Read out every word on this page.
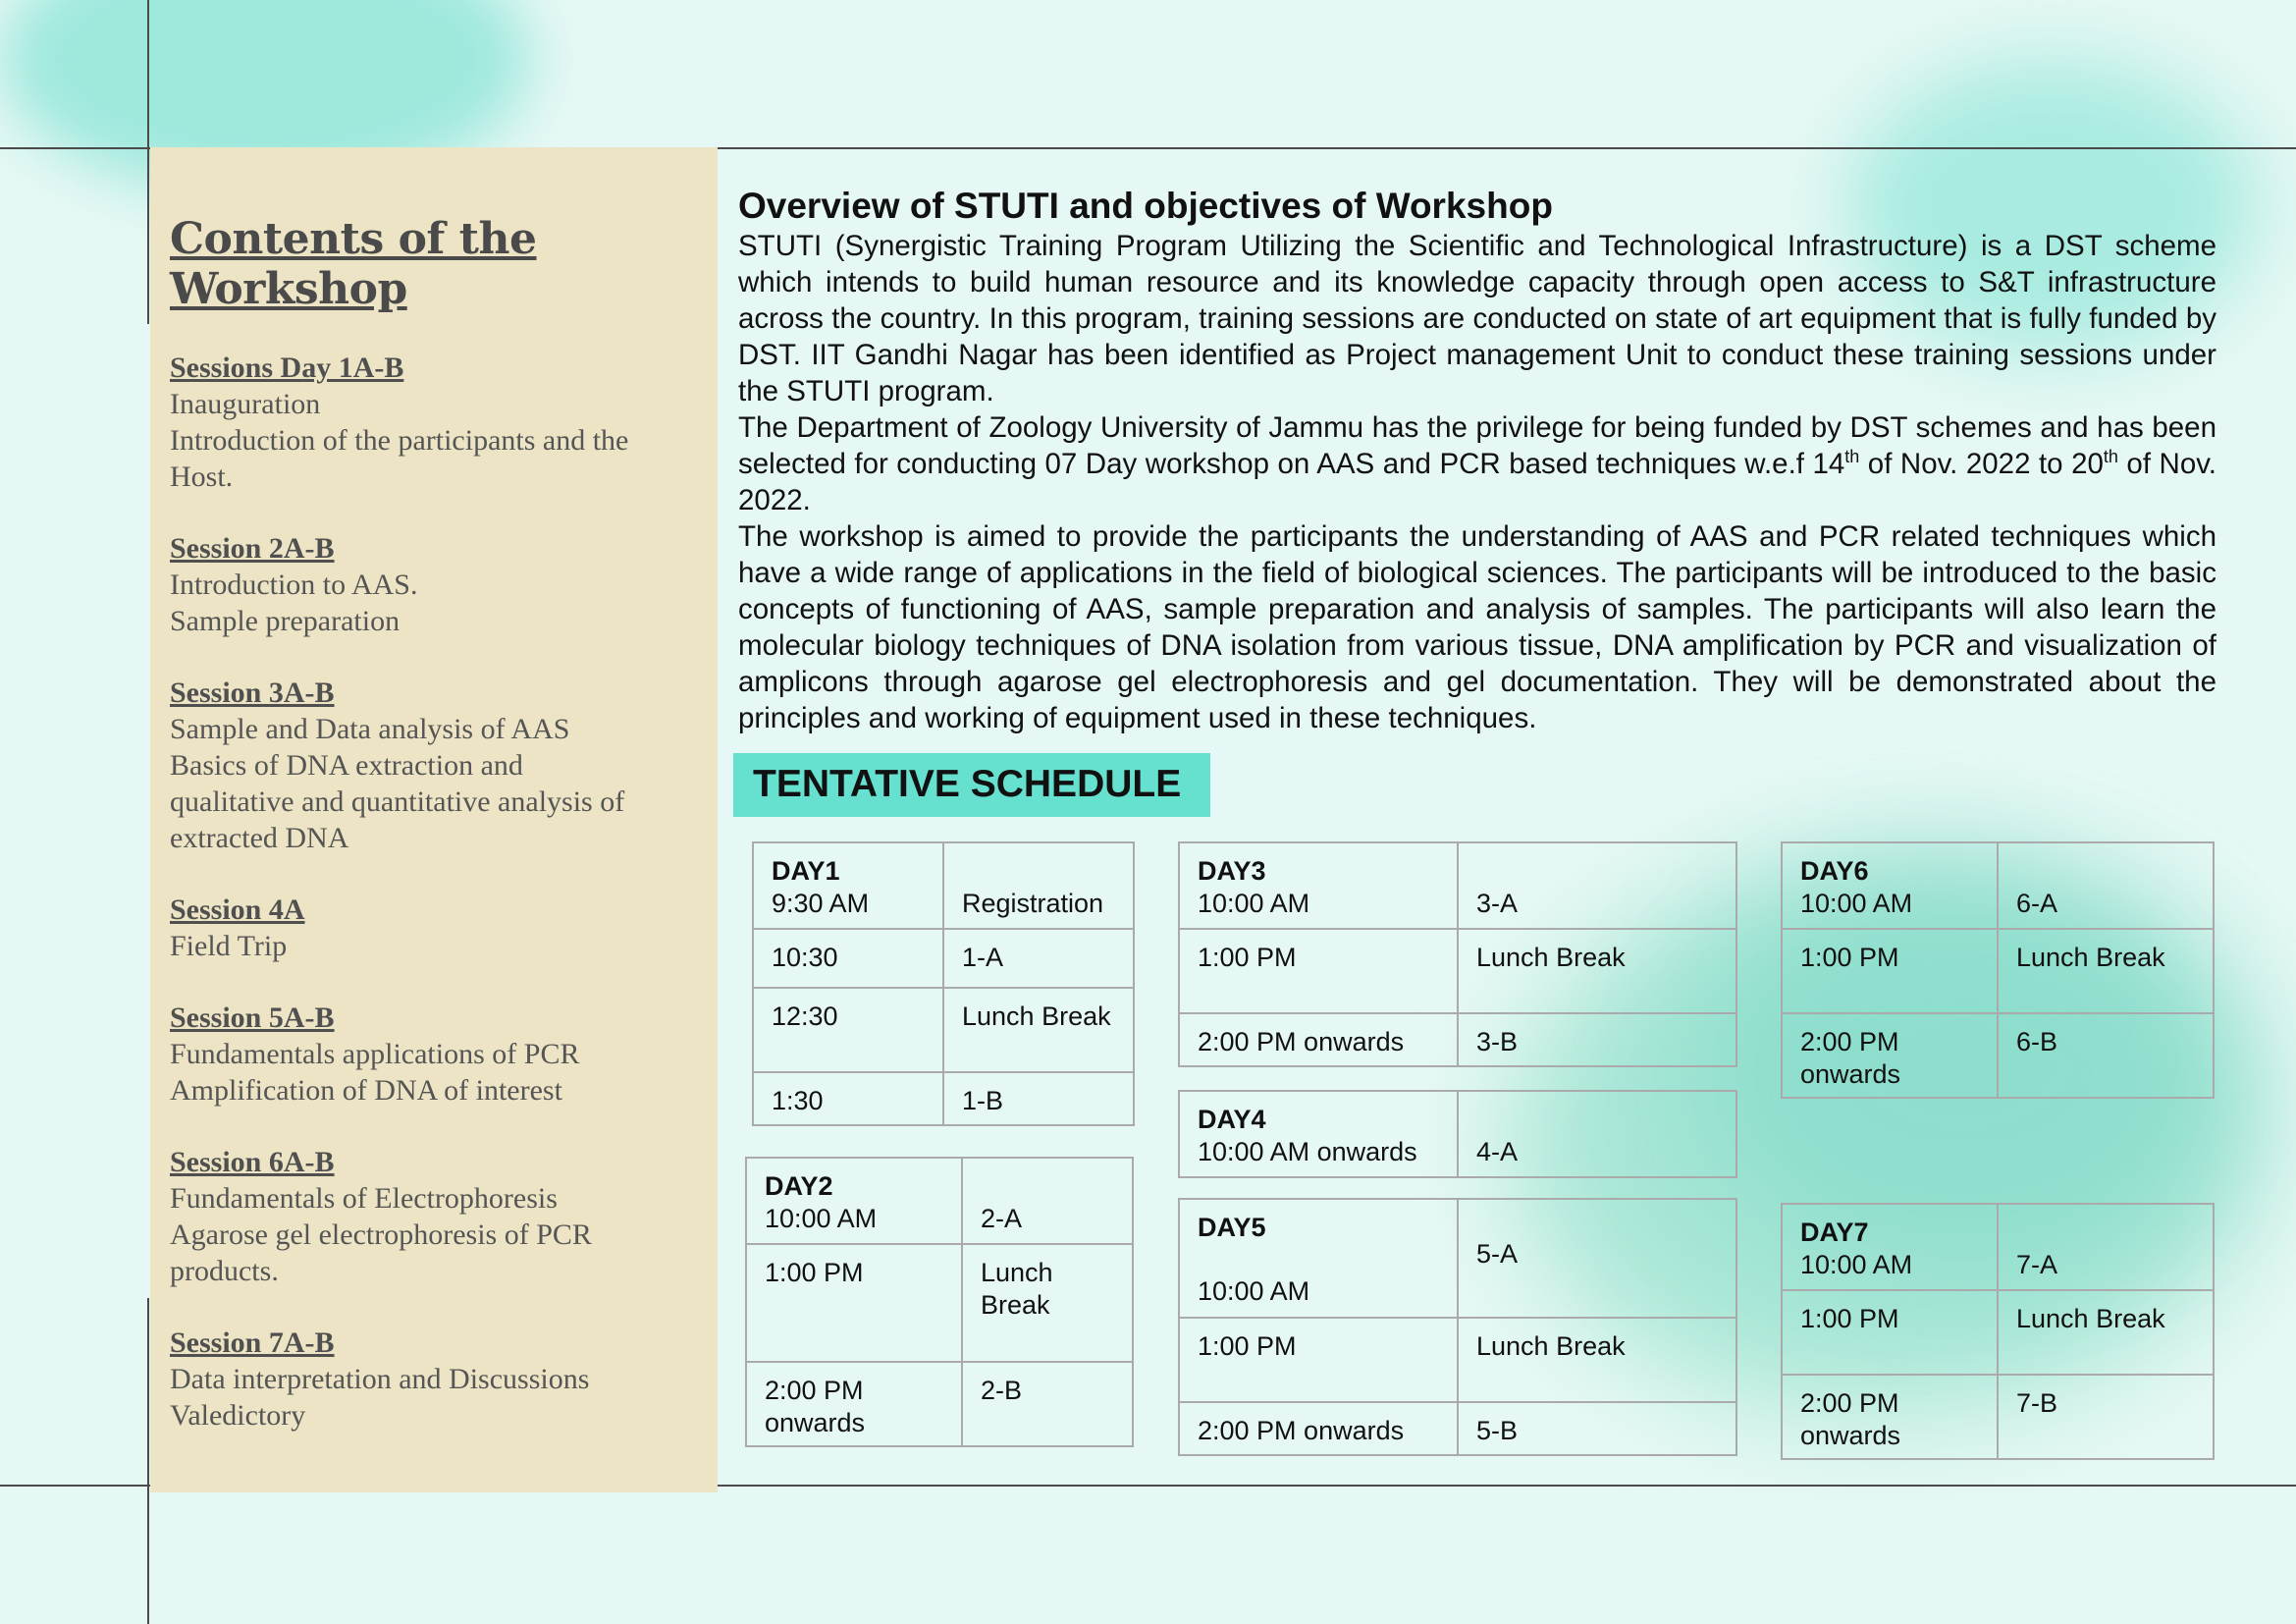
Contents of the Workshop
Sessions Day 1A-B
Inauguration
Introduction of the participants and the
Host.
Session 2A-B
Introduction to AAS.
Sample preparation
Session 3A-B
Sample and Data analysis of AAS
Basics of DNA extraction and
qualitative and quantitative analysis of
extracted DNA
Session 4A
Field Trip
Session 5A-B
Fundamentals applications of PCR
Amplification of DNA of interest
Session 6A-B
Fundamentals of Electrophoresis
Agarose gel electrophoresis of PCR
products.
Session 7A-B
Data interpretation and Discussions
Valedictory
Overview of STUTI and objectives of Workshop

STUTI (Synergistic Training Program Utilizing the Scientific and Technological Infrastructure) is a DST scheme which intends to build human resource and its knowledge capacity through open access to S&T infrastructure across the country. In this program, training sessions are conducted on state of art equipment that is fully funded by DST. IIT Gandhi Nagar has been identified as Project management Unit to conduct these training sessions under the STUTI program.

The Department of Zoology University of Jammu has the privilege for being funded by DST schemes and has been selected for conducting 07 Day workshop on AAS and PCR based techniques w.e.f 14th of Nov. 2022 to 20th of Nov. 2022.

The workshop is aimed to provide the participants the understanding of AAS and PCR related techniques which have a wide range of applications in the field of biological sciences. The participants will be introduced to the basic concepts of functioning of AAS, sample preparation and analysis of samples. The participants will also learn the molecular biology techniques of DNA isolation from various tissue, DNA amplification by PCR and visualization of amplicons through agarose gel electrophoresis and gel documentation. They will be demonstrated about the principles and working of equipment used in these techniques.

TENTATIVE SCHEDULE
DAY1
9:30 AM	Registration

10:30	1-A
12:30	Lunch Break
1:30	1-B
DAY2
10:00 AM	2-A

1:00 PM	Lunch Break
2:00 PM onwards	2-B
DAY3
10:00 AM	3-A

1:00 PM	Lunch Break
2:00 PM onwards	3-B
DAY4
10:00 AM onwards	4-A
DAY5
10:00 AM	5-A

1:00 PM	Lunch Break
2:00 PM onwards	5-B
DAY6
10:00 AM	6-A

1:00 PM	Lunch Break
2:00 PM onwards	6-B
DAY7
10:00 AM	7-A

1:00 PM	Lunch Break
2:00 PM onwards	7-B
